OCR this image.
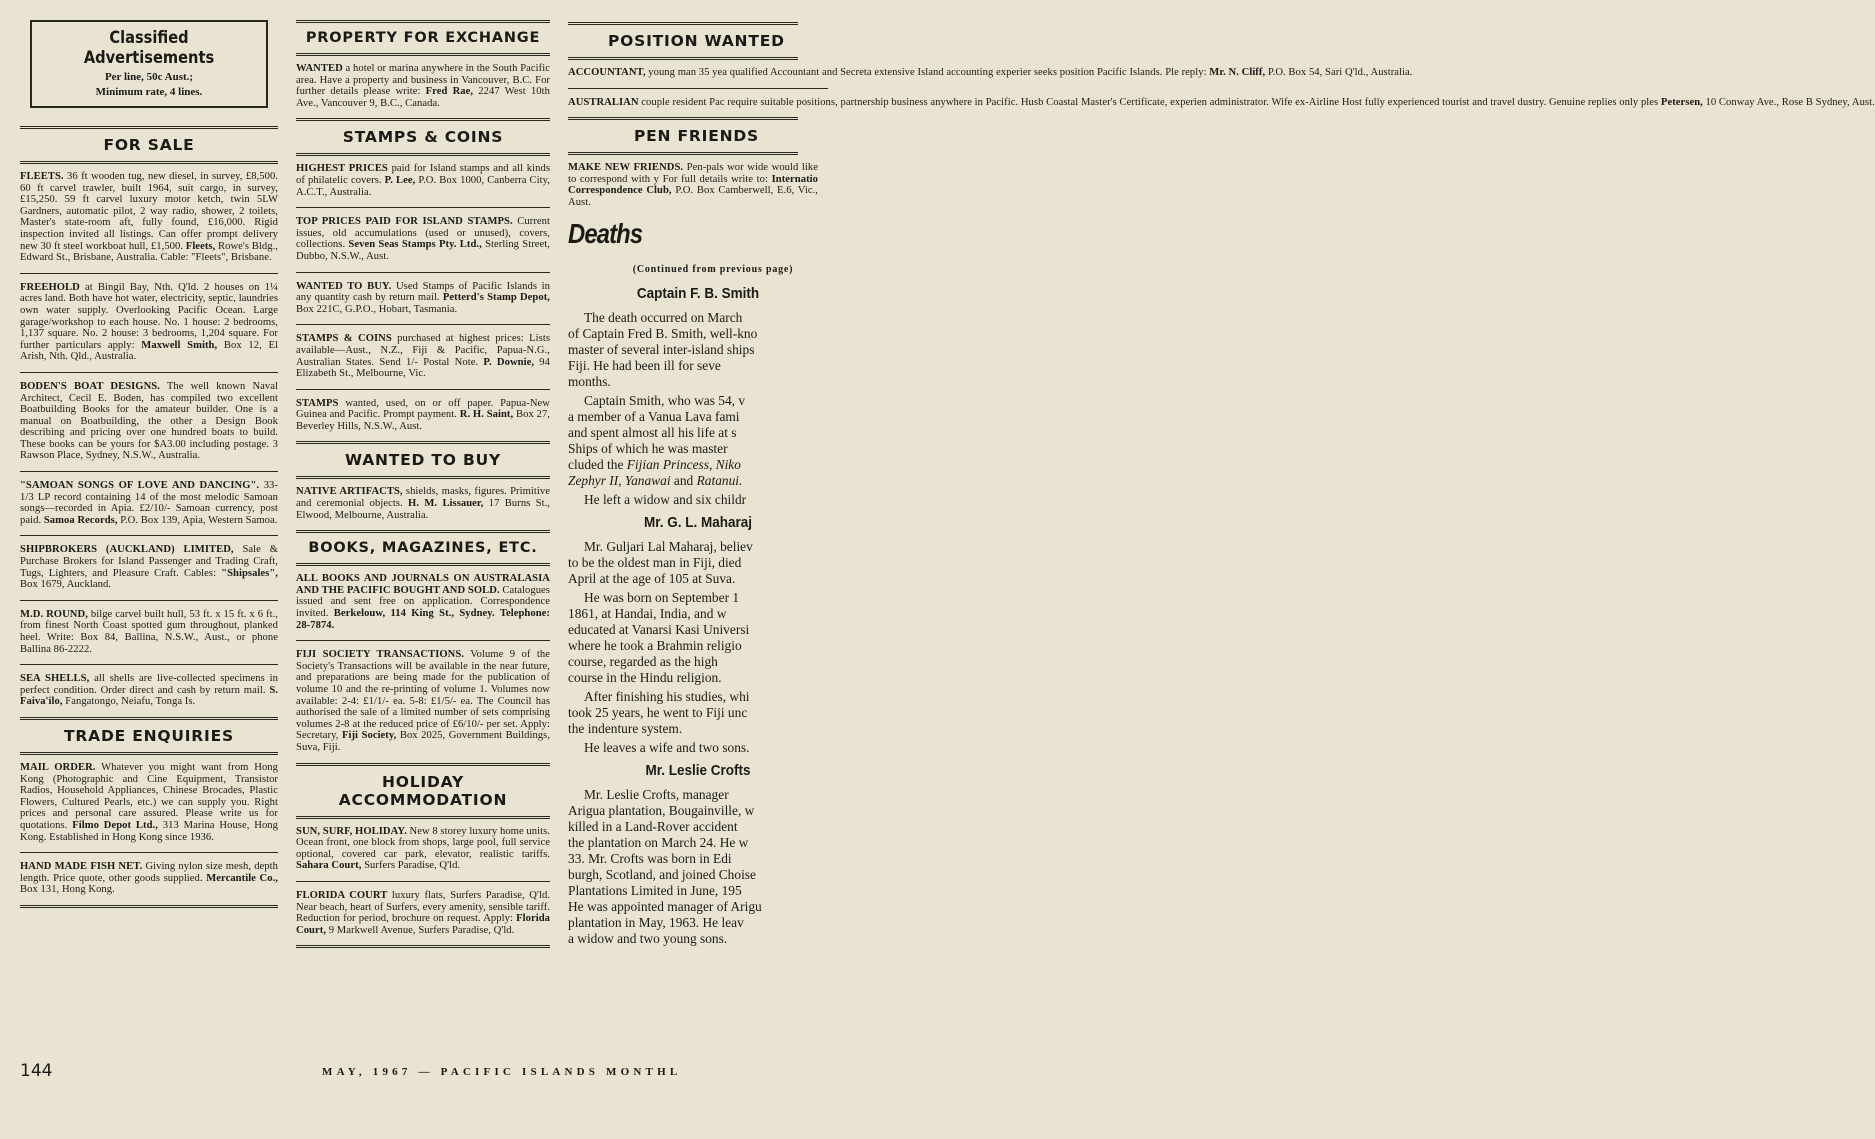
Classified Advertisements
Per line, 50c Aust.;
Minimum rate, 4 lines.
FOR SALE

FLEETS. 36 ft wooden tug, new diesel, in survey, £8,500. 60 ft carvel trawler, built 1964, suit cargo, in survey, £15,250. 59 ft carvel luxury motor ketch, twin 5LW Gardners, automatic pilot, 2 way radio, shower, 2 toilets, Master's state-room aft, fully found, £16,000. Rigid inspection invited all listings. Can offer prompt delivery new 30 ft steel workboat hull, £1,500. Fleets, Rowe's Bldg., Edward St., Brisbane, Australia. Cable: "Fleets", Brisbane.

FREEHOLD at Bingil Bay, Nth. Q'ld. 2 houses on 1¼ acres land. Both have hot water, electricity, septic, laundries own water supply. Overlooking Pacific Ocean. Large garage/workshop to each house. No. 1 house: 2 bedrooms, 1,137 square. No. 2 house: 3 bedrooms, 1,204 square. For further particulars apply: Maxwell Smith, Box 12, El Arish, Nth. Qld., Australia.

BODEN'S BOAT DESIGNS. The well known Naval Architect, Cecil E. Boden, has compiled two excellent Boatbuilding Books for the amateur builder. One is a manual on Boatbuilding, the other a Design Book describing and pricing over one hundred boats to build. These books can be yours for $A3.00 including postage. 3 Rawson Place, Sydney, N.S.W., Australia.

"SAMOAN SONGS OF LOVE AND DANCING". 33-1/3 LP record containing 14 of the most melodic Samoan songs—recorded in Apia. £2/10/- Samoan currency, post paid. Samoa Records, P.O. Box 139, Apia, Western Samoa.

SHIPBROKERS (AUCKLAND) LIMITED, Sale & Purchase Brokers for Island Passenger and Trading Craft, Tugs, Lighters, and Pleasure Craft. Cables: "Shipsales", Box 1679, Auckland.

M.D. ROUND, bilge carvel built hull, 53 ft. x 15 ft. x 6 ft., from finest North Coast spotted gum throughout, planked heel. Write: Box 84, Ballina, N.S.W., Aust., or phone Ballina 86-2222.

SEA SHELLS, all shells are live-collected specimens in perfect condition. Order direct and cash by return mail. S. Faiva'ilo, Fangatongo, Neiafu, Tonga Is.

TRADE ENQUIRIES

MAIL ORDER. Whatever you might want from Hong Kong (Photographic and Cine Equipment, Transistor Radios, Household Appliances, Chinese Brocades, Plastic Flowers, Cultured Pearls, etc.) we can supply you. Right prices and personal care assured. Please write us for quotations. Filmo Depot Ltd., 313 Marina House, Hong Kong. Established in Hong Kong since 1936.

HAND MADE FISH NET. Giving nylon size mesh, depth length. Price quote, other goods supplied. Mercantile Co., Box 131, Hong Kong.

PROPERTY FOR EXCHANGE

WANTED a hotel or marina anywhere in the South Pacific area. Have a property and business in Vancouver, B.C. For further details please write: Fred Rae, 2247 West 10th Ave., Vancouver 9, B.C., Canada.

STAMPS & COINS

HIGHEST PRICES paid for Island stamps and all kinds of philatelic covers. P. Lee, P.O. Box 1000, Canberra City, A.C.T., Australia.

TOP PRICES PAID FOR ISLAND STAMPS. Current issues, old accumulations (used or unused), covers, collections. Seven Seas Stamps Pty. Ltd., Sterling Street, Dubbo, N.S.W., Aust.

WANTED TO BUY. Used Stamps of Pacific Islands in any quantity cash by return mail. Petterd's Stamp Depot, Box 221C, G.P.O., Hobart, Tasmania.

STAMPS & COINS purchased at highest prices: Lists available—Aust., N.Z., Fiji & Pacific, Papua-N.G., Australian States. Send 1/- Postal Note. P. Downie, 94 Elizabeth St., Melbourne, Vic.

STAMPS wanted, used, on or off paper. Papua-New Guinea and Pacific. Prompt payment. R. H. Saint, Box 27, Beverley Hills, N.S.W., Aust.

WANTED TO BUY

NATIVE ARTIFACTS, shields, masks, figures. Primitive and ceremonial objects. H. M. Lissauer, 17 Burns St., Elwood, Melbourne, Australia.

BOOKS, MAGAZINES, ETC.

ALL BOOKS AND JOURNALS ON AUSTRALASIA AND THE PACIFIC BOUGHT AND SOLD. Catalogues issued and sent free on application. Correspondence invited. Berkelouw, 114 King St., Sydney. Telephone: 28-7874.

FIJI SOCIETY TRANSACTIONS. Volume 9 of the Society's Transactions will be available in the near future, and preparations are being made for the publication of volume 10 and the re-printing of volume 1. Volumes now available: 2-4: £1/1/- ea. 5-8: £1/5/- ea. The Council has authorised the sale of a limited number of sets comprising volumes 2-8 at the reduced price of £6/10/- per set. Apply: Secretary, Fiji Society, Box 2025, Government Buildings, Suva, Fiji.

HOLIDAY
ACCOMMODATION

SUN, SURF, HOLIDAY. New 8 storey luxury home units. Ocean front, one block from shops, large pool, full service optional, covered car park, elevator, realistic tariffs. Sahara Court, Surfers Paradise, Q'ld.

FLORIDA COURT luxury flats, Surfers Paradise, Q'ld. Near beach, heart of Surfers, every amenity, sensible tariff. Reduction for period, brochure on request. Apply: Florida Court, 9 Markwell Avenue, Surfers Paradise, Q'ld.

POSITION WANTED

ACCOUNTANT, young man 35 yea qualified Accountant and Secreta extensive Island accounting experier seeks position Pacific Islands. Ple reply: Mr. N. Cliff, P.O. Box 54, Sari Q'ld., Australia.

AUSTRALIAN couple resident Pac require suitable positions, partnership business anywhere in Pacific. Husb Coastal Master's Certificate, experien administrator. Wife ex-Airline Host fully experienced tourist and travel dustry. Genuine replies only ples Petersen, 10 Conway Ave., Rose B Sydney, Aust.

PEN FRIENDS

MAKE NEW FRIENDS. Pen-pals wor wide would like to correspond with y For full details write to: Internatio Correspondence Club, P.O. Box Camberwell, E.6, Vic., Aust.

Deaths
(Continued from previous page)
Captain F. B. Smith
The death occurred on March
of Captain Fred B. Smith, well-kno
master of several inter-island ships
Fiji. He had been ill for seve
months.
Captain Smith, who was 54, v
a member of a Vanua Lava fami
and spent almost all his life at s
Ships of which he was master
cluded the Fijian Princess, Niko
Zephyr II, Yanawai and Ratanui.
He left a widow and six childr
Mr. G. L. Maharaj
Mr. Guljari Lal Maharaj, believ
to be the oldest man in Fiji, died
April at the age of 105 at Suva.
He was born on September 1
1861, at Handai, India, and w
educated at Vanarsi Kasi Universi
where he took a Brahmin religio
course, regarded as the high
course in the Hindu religion.
After finishing his studies, whi
took 25 years, he went to Fiji unc
the indenture system.
He leaves a wife and two sons.
Mr. Leslie Crofts
Mr. Leslie Crofts, manager
Arigua plantation, Bougainville, w
killed in a Land-Rover accident
the plantation on March 24. He w
33. Mr. Crofts was born in Edi
burgh, Scotland, and joined Choise
Plantations Limited in June, 195
He was appointed manager of Arigu
plantation in May, 1963. He leav
a widow and two young sons.
144	MAY, 1967 — PACIFIC ISLANDS MONTHL
